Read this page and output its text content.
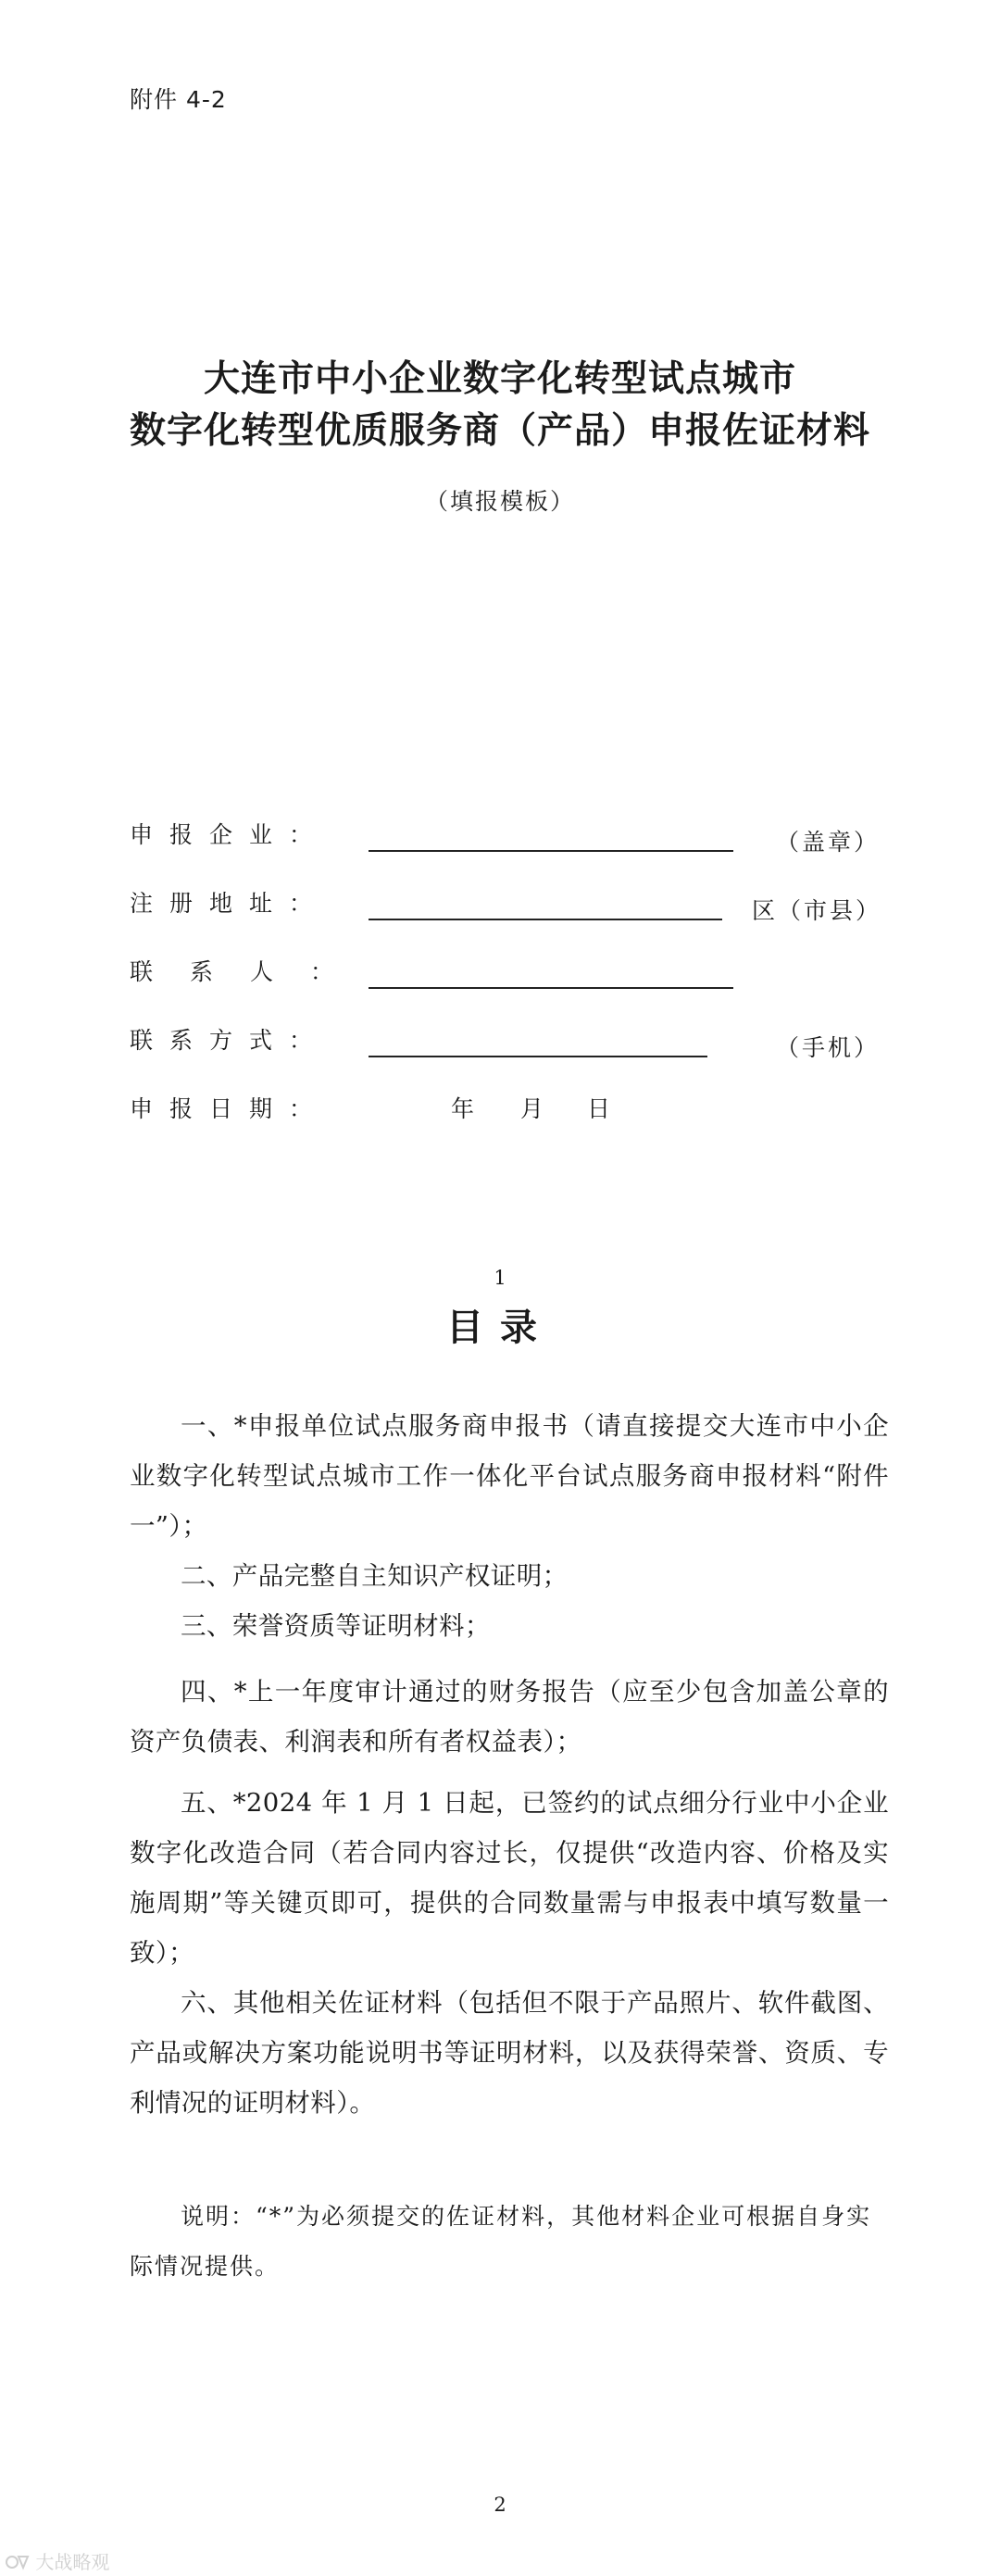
附件 4-2
大连市中小企业数字化转型试点城市
数字化转型优质服务商（产品）申报佐证材料
（填报模板）
申报企业：	（盖章）
注册地址：	区（市县）
联系人：
联系方式：	（手机）
申报日期：	年 月 日
1
目录
一、*申报单位试点服务商申报书（请直接提交大连市中小企业数字化转型试点城市工作一体化平台试点服务商申报材料“附件一”）；
二、产品完整自主知识产权证明；
三、荣誉资质等证明材料；
四、*上一年度审计通过的财务报告（应至少包含加盖公章的资产负债表、利润表和所有者权益表）；
五、*2024 年 1 月 1 日起，已签约的试点细分行业中小企业数字化改造合同（若合同内容过长，仅提供“改造内容、价格及实施周期”等关键页即可，提供的合同数量需与申报表中填写数量一致）；
六、其他相关佐证材料（包括但不限于产品照片、软件截图、产品或解决方案功能说明书等证明材料，以及获得荣誉、资质、专利情况的证明材料）。
说明：“*”为必须提交的佐证材料，其他材料企业可根据自身实际情况提供。
2
大战略观
